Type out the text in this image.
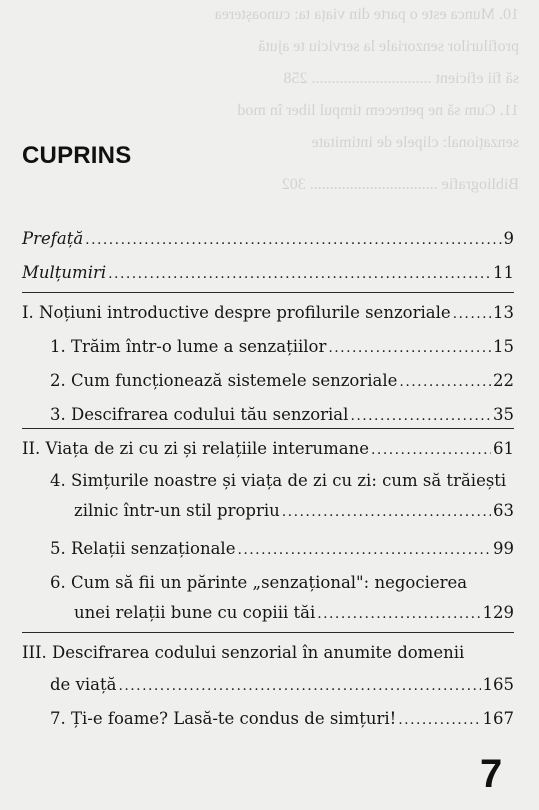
10. Munca este o parte din viața ta: cunoașterea
profilurilor senzoriale la serviciu te ajută
să fii eficient .............................. 258
11. Cum să ne petrecem timpul liber în mod
senzațional: clipele de intimitate
Bibliografie ................................ 302
CUPRINS
Prefață . . .	9
Mulțumiri . . .	11
I. Noțiuni introductive despre profilurile senzoriale . . .	13
1. Trăim într-o lume a senzațiilor . . .	15
2. Cum funcționează sistemele senzoriale . . .	22
3. Descifrarea codului tău senzorial . . .	35
II. Viața de zi cu zi și relațiile interumane . . .	61
4. Simțurile noastre și viața de zi cu zi: cum să trăiești
zilnic într-un stil propriu . . .	63
5. Relații senzaționale . . .	99
6. Cum să fii un părinte „senzațional": negocierea
unei relații bune cu copiii tăi . . .	129
III. Descifrarea codului senzorial în anumite domenii
de viață . . .	165
7. Ți-e foame? Lasă-te condus de simțuri! . . .	167
7
